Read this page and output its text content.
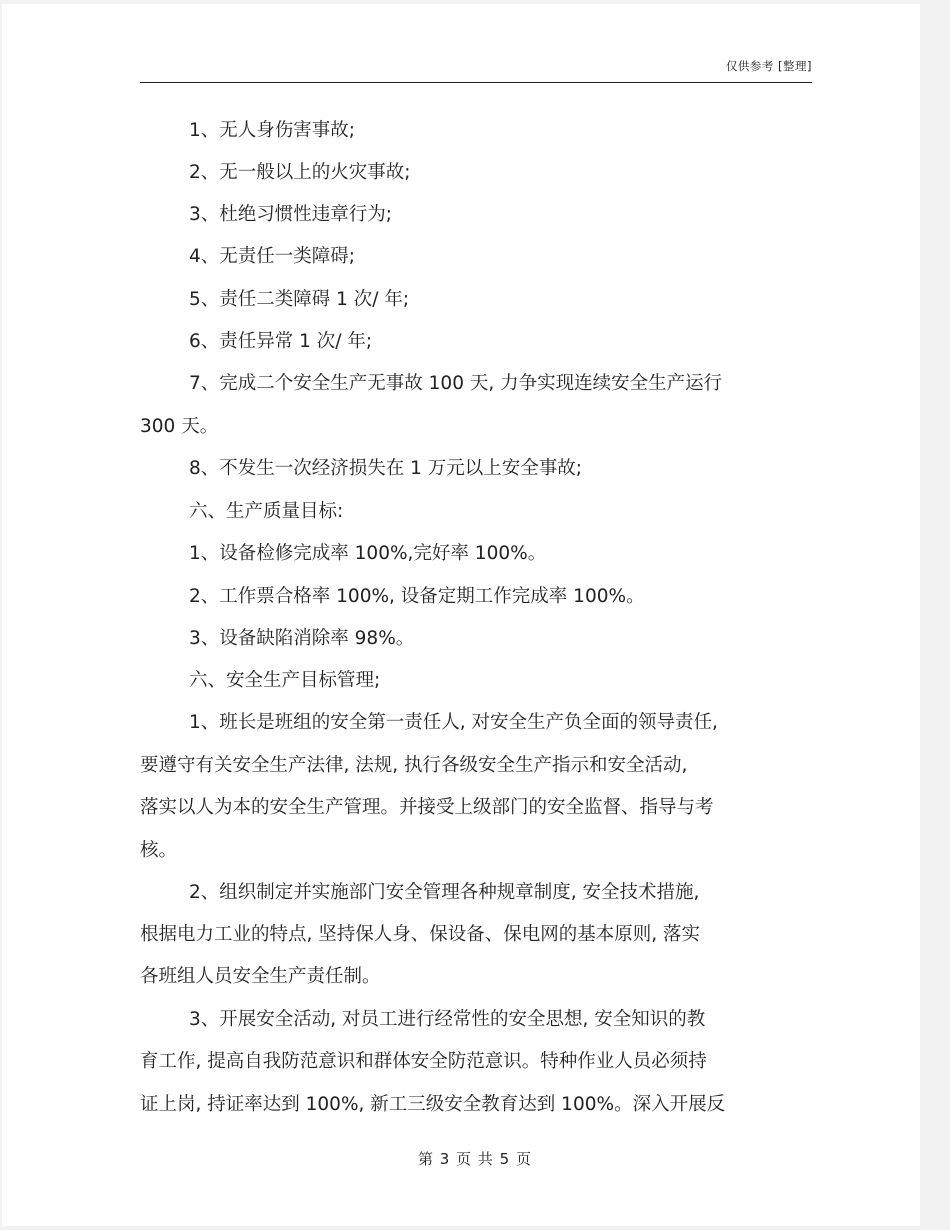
仅供参考 [整理]

1、无人身伤害事故;

2、无一般以上的火灾事故;

3、杜绝习惯性违章行为;

4、无责任一类障碍;

5、责任二类障碍 1 次/ 年;

6、责任异常 1 次/ 年;

7、完成二个安全生产无事故 100 天, 力争实现连续安全生产运行

300 天。

8、不发生一次经济损失在 1 万元以上安全事故;

六、生产质量目标:

1、设备检修完成率 100%,完好率 100%。

2、工作票合格率 100%, 设备定期工作完成率 100%。

3、设备缺陷消除率 98%。

六、安全生产目标管理;

1、班长是班组的安全第一责任人, 对安全生产负全面的领导责任,

要遵守有关安全生产法律, 法规, 执行各级安全生产指示和安全活动,

落实以人为本的安全生产管理。并接受上级部门的安全监督、指导与考

核。

2、组织制定并实施部门安全管理各种规章制度, 安全技术措施,

根据电力工业的特点, 坚持保人身、保设备、保电网的基本原则, 落实

各班组人员安全生产责任制。

3、开展安全活动, 对员工进行经常性的安全思想, 安全知识的教

育工作, 提高自我防范意识和群体安全防范意识。特种作业人员必须持

证上岗, 持证率达到 100%, 新工三级安全教育达到 100%。深入开展反

第 3 页 共 5 页
